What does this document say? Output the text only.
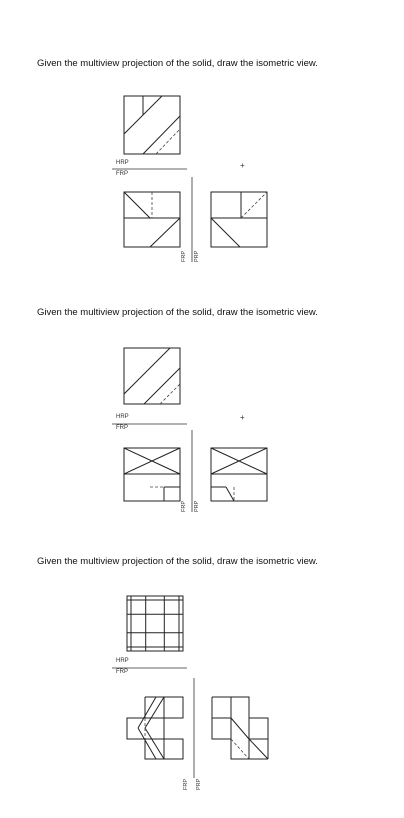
Given the multiview projection of the solid, draw the isometric view.
HRP
FRP
+
FRP PRP
Given the multiview projection of the solid, draw the isometric view.
HRP
FRP
+
FRP PRP
Given the multiview projection of the solid, draw the isometric view.
HRP
FRP
FRP PRP
